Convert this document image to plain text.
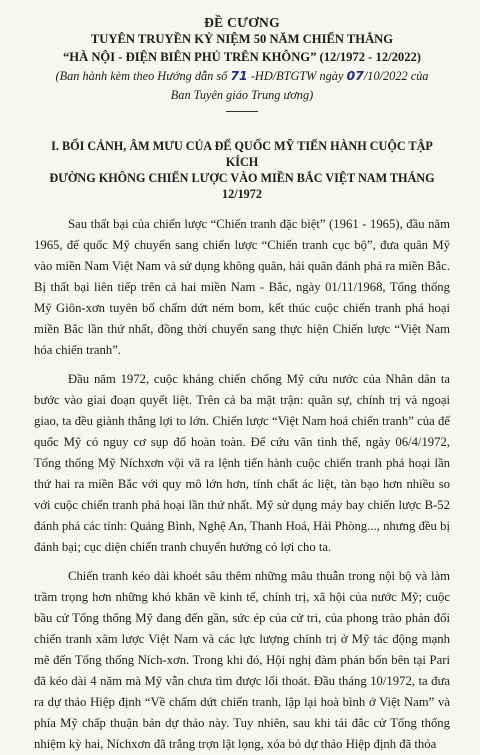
ĐỀ CƯƠNG
TUYÊN TRUYỀN KỶ NIỆM 50 NĂM CHIẾN THẮNG
“HÀ NỘI - ĐIỆN BIÊN PHỦ TRÊN KHÔNG” (12/1972 - 12/2022)
(Ban hành kèm theo Hướng dẫn số 71 -HD/BTGTW ngày 07/10/2022 của
Ban Tuyên giáo Trung ương)
I. BỐI CẢNH, ÂM MƯU CỦA ĐẾ QUỐC MỸ TIẾN HÀNH CUỘC TẬP KÍCH
ĐƯỜNG KHÔNG CHIẾN LƯỢC VÀO MIỀN BẮC VIỆT NAM THÁNG 12/1972

Sau thất bại của chiến lược “Chiến tranh đặc biệt” (1961 - 1965), đầu năm 1965, đế quốc Mỹ chuyển sang chiến lược “Chiến tranh cục bộ”, đưa quân Mỹ vào miền Nam Việt Nam và sử dụng không quân, hải quân đánh phá ra miền Bắc. Bị thất bại liên tiếp trên cả hai miền Nam - Bắc, ngày 01/11/1968, Tổng thống Mỹ Giôn-xơn tuyên bố chấm dứt ném bom, kết thúc cuộc chiến tranh phá hoại miền Bắc lần thứ nhất, đồng thời chuyển sang thực hiện Chiến lược “Việt Nam hóa chiến tranh”.

Đầu năm 1972, cuộc kháng chiến chống Mỹ cứu nước của Nhân dân ta bước vào giai đoạn quyết liệt. Trên cả ba mặt trận: quân sự, chính trị và ngoại giao, ta đều giành thắng lợi to lớn. Chiến lược “Việt Nam hoá chiến tranh” của đế quốc Mỹ có nguy cơ sụp đổ hoàn toàn. Để cứu vãn tình thế, ngày 06/4/1972, Tổng thống Mỹ Níchxơn vội vã ra lệnh tiến hành cuộc chiến tranh phá hoại lần thứ hai ra miền Bắc với quy mô lớn hơn, tính chất ác liệt, tàn bạo hơn nhiều so với cuộc chiến tranh phá hoại lần thứ nhất. Mỹ sử dụng máy bay chiến lược B-52 đánh phá các tỉnh: Quảng Bình, Nghệ An, Thanh Hoá, Hải Phòng..., nhưng đều bị đánh bại; cục diện chiến tranh chuyển hướng có lợi cho ta.

Chiến tranh kéo dài khoét sâu thêm những mâu thuẫn trong nội bộ và làm trầm trọng hơn những khó khăn về kinh tế, chính trị, xã hội của nước Mỹ; cuộc bầu cử Tổng thống Mỹ đang đến gần, sức ép của cử tri, của phong trào phản đối chiến tranh xâm lược Việt Nam và các lực lượng chính trị ở Mỹ tác động mạnh mẽ đến Tổng thống Ních-xơn. Trong khi đó, Hội nghị đàm phán bốn bên tại Pari đã kéo dài 4 năm mà Mỹ vẫn chưa tìm được lối thoát. Đầu tháng 10/1972, ta đưa ra dự thảo Hiệp định “Về chấm dứt chiến tranh, lập lại hoà bình ở Việt Nam” và phía Mỹ chấp thuận bản dự thảo này. Tuy nhiên, sau khi tái đắc cử Tổng thống nhiệm kỳ hai, Níchxơn đã trắng trợn lật lọng, xóa bỏ dự thảo Hiệp định đã thỏa
